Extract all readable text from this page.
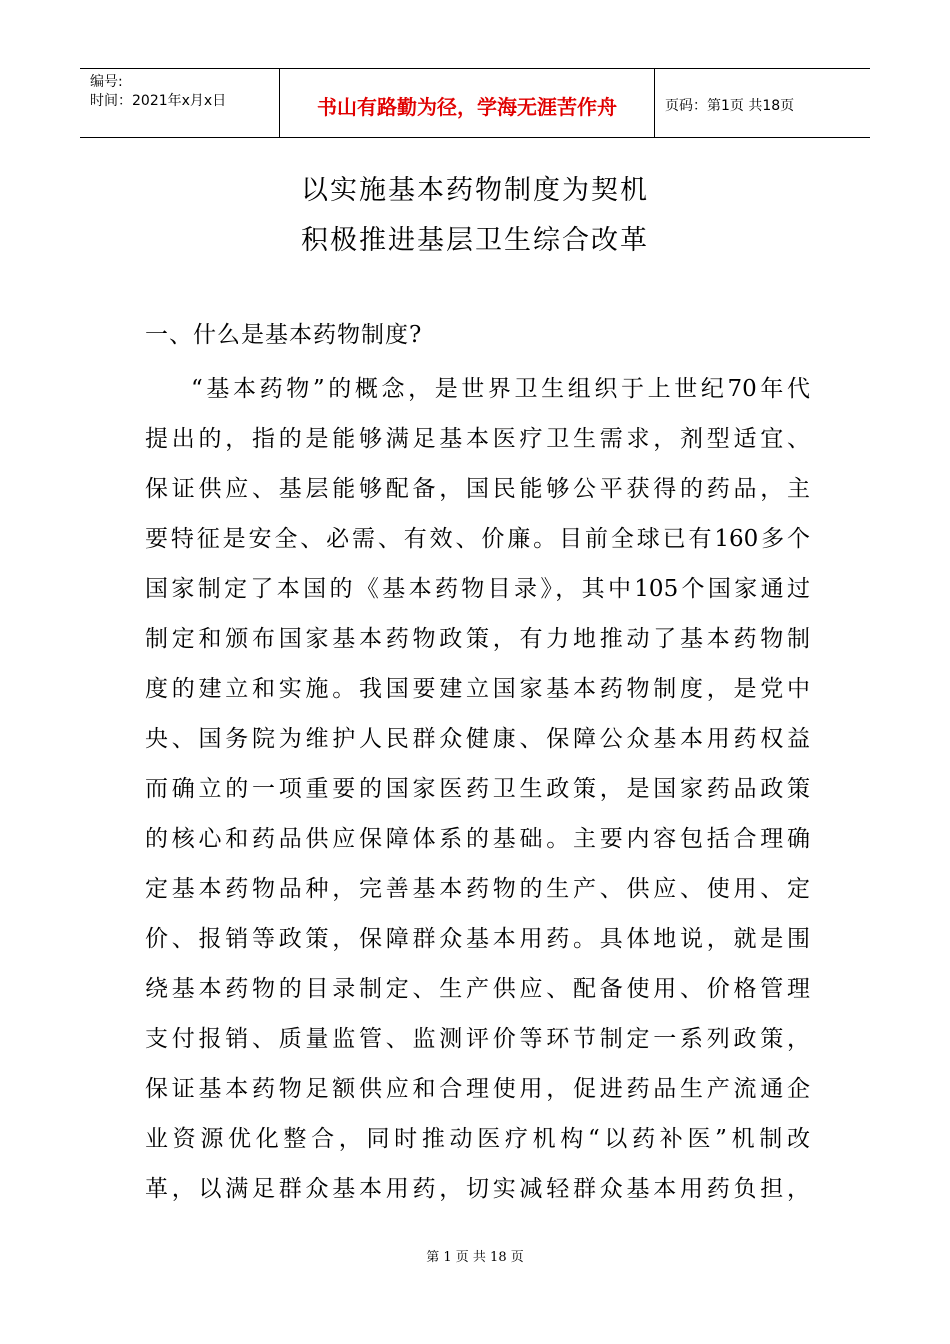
编号:
时间：2021年x月x日	书山有路勤为径，学海无涯苦作舟	页码：第1页 共18页
以实施基本药物制度为契机
积极推进基层卫生综合改革
一、什么是基本药物制度?
“基本药物”的概念，是世界卫生组织于上世纪70年代
提出的，指的是能够满足基本医疗卫生需求，剂型适宜、
保证供应、基层能够配备，国民能够公平获得的药品，主
要特征是安全、必需、有效、价廉。目前全球已有160多个
国家制定了本国的《基本药物目录》，其中105个国家通过
制定和颁布国家基本药物政策，有力地推动了基本药物制
度的建立和实施。我国要建立国家基本药物制度，是党中
央、国务院为维护人民群众健康、保障公众基本用药权益
而确立的一项重要的国家医药卫生政策，是国家药品政策
的核心和药品供应保障体系的基础。主要内容包括合理确
定基本药物品种，完善基本药物的生产、供应、使用、定
价、报销等政策，保障群众基本用药。具体地说，就是围
绕基本药物的目录制定、生产供应、配备使用、价格管理
支付报销、质量监管、监测评价等环节制定一系列政策，
保证基本药物足额供应和合理使用，促进药品生产流通企
业资源优化整合，同时推动医疗机构“以药补医”机制改
革，以满足群众基本用药，切实减轻群众基本用药负担，
第 1 页 共 18 页
